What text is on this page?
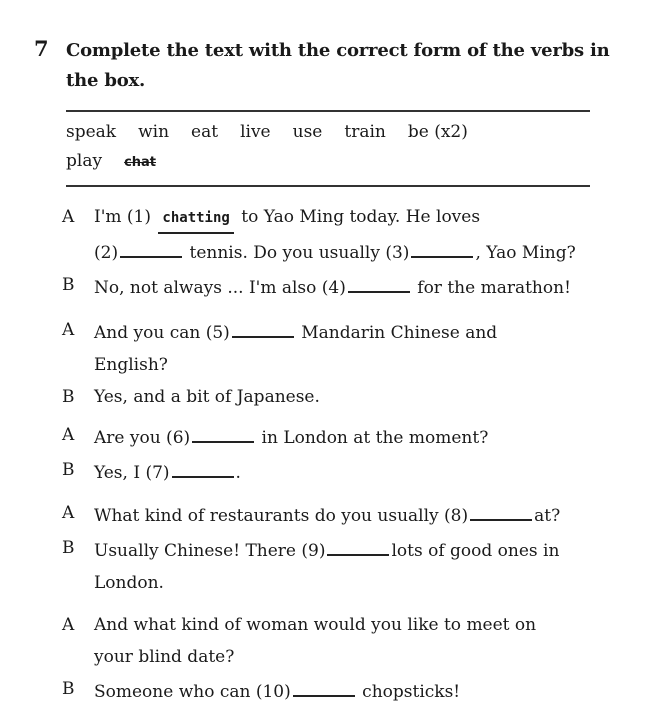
7 Complete the text with the correct form of the verbs in the box.
speak win eat live use train be (x2)
play chat
A I'm (1) chatting to Yao Ming today. He loves
(2)	tennis. Do you usually (3)	, Yao Ming?
B No, not always ... I'm also (4)	for the marathon!
A And you can (5)	Mandarin Chinese and
English?
B Yes, and a bit of Japanese.
A Are you (6)	in London at the moment?
B Yes, I (7)	.
A What kind of restaurants do you usually (8)	at?
B Usually Chinese! There (9)	lots of good ones in
London.
A And what kind of woman would you like to meet on
your blind date?
B Someone who can (10)	chopsticks!
